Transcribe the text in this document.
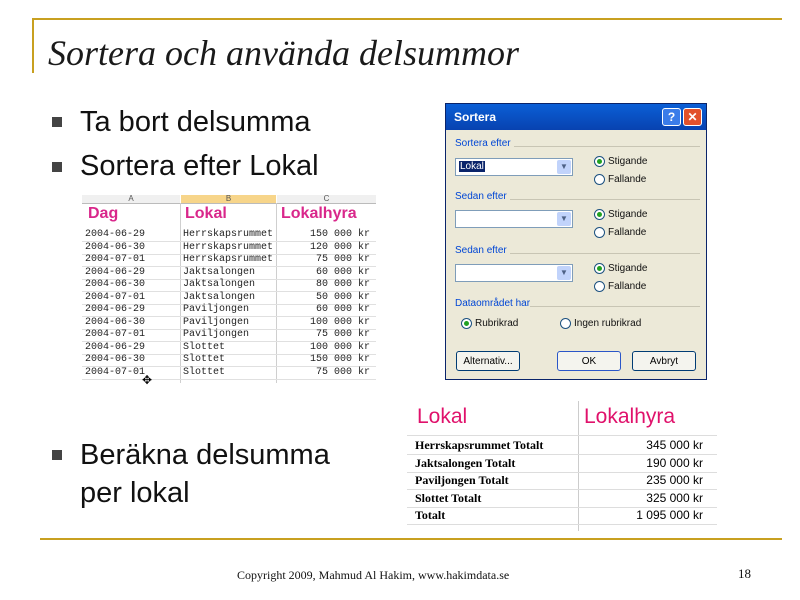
Sortera och använda delsummor
Ta bort delsumma
Sortera efter Lokal
Beräkna delsumma
per lokal
A	B	C
Dag	Lokal	Lokalhyra
2004-06-29	Herrskapsrummet	150 000 kr
2004-06-30	Herrskapsrummet	120 000 kr
2004-07-01	Herrskapsrummet	75 000 kr
2004-06-29	Jaktsalongen	60 000 kr
2004-06-30	Jaktsalongen	80 000 kr
2004-07-01	Jaktsalongen	50 000 kr
2004-06-29	Paviljongen	60 000 kr
2004-06-30	Paviljongen	100 000 kr
2004-07-01	Paviljongen	75 000 kr
2004-06-29	Slottet	100 000 kr
2004-06-30	Slottet	150 000 kr
2004-07-01	Slottet	75 000 kr
✥
Sortera	?	✕
Sortera efter
Lokal	▼	Stigande
Fallande
Sedan efter
▼	Stigande
Fallande
Sedan efter
▼	Stigande
Fallande
Dataområdet har
Rubrikrad	Ingen rubrikrad
Alternativ...	OK	Avbryt
Lokal	Lokalhyra
Herrskapsrummet Totalt	345 000 kr
Jaktsalongen Totalt	190 000 kr
Paviljongen Totalt	235 000 kr
Slottet Totalt	325 000 kr
Totalt	1 095 000 kr
Copyright 2009, Mahmud Al Hakim, www.hakimdata.se	18
